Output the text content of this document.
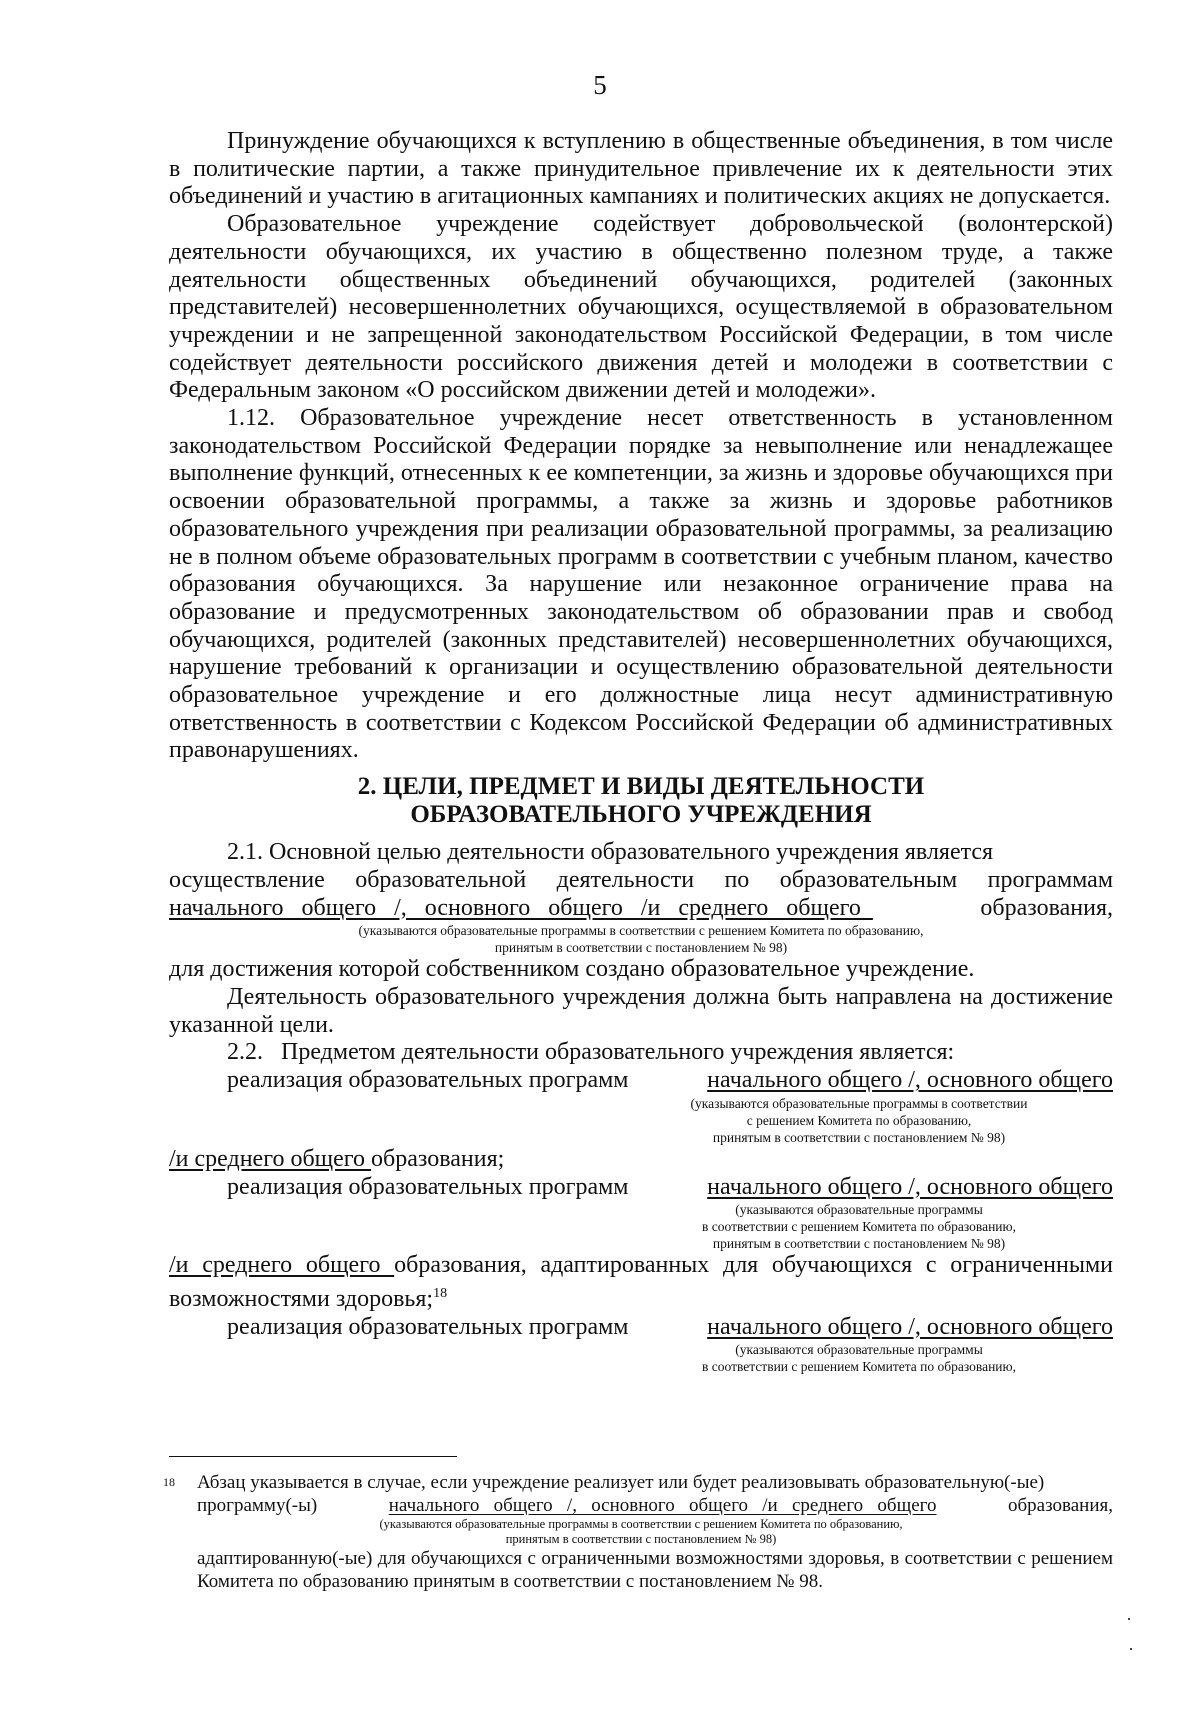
5

Принуждение обучающихся к вступлению в общественные объединения, в том числе в политические партии, а также принудительное привлечение их к деятельности этих объединений и участию в агитационных кампаниях и политических акциях не допускается.

Образовательное учреждение содействует добровольческой (волонтерской) деятельности обучающихся, их участию в общественно полезном труде, а также деятельности общественных объединений обучающихся, родителей (законных представителей) несовершеннолетних обучающихся, осуществляемой в образовательном учреждении и не запрещенной законодательством Российской Федерации, в том числе содействует деятельности российского движения детей и молодежи в соответствии с Федеральным законом «О российском движении детей и молодежи».

1.12. Образовательное учреждение несет ответственность в установленном законодательством Российской Федерации порядке за невыполнение или ненадлежащее выполнение функций, отнесенных к ее компетенции, за жизнь и здоровье обучающихся при освоении образовательной программы, а также за жизнь и здоровье работников образовательного учреждения при реализации образовательной программы, за реализацию не в полном объеме образовательных программ в соответствии с учебным планом, качество образования обучающихся. За нарушение или незаконное ограничение права на образование и предусмотренных законодательством об образовании прав и свобод обучающихся, родителей (законных представителей) несовершеннолетних обучающихся, нарушение требований к организации и осуществлению образовательной деятельности образовательное учреждение и его должностные лица несут административную ответственность в соответствии с Кодексом Российской Федерации об административных правонарушениях.

2. ЦЕЛИ, ПРЕДМЕТ И ВИДЫ ДЕЯТЕЛЬНОСТИ
ОБРАЗОВАТЕЛЬНОГО УЧРЕЖДЕНИЯ
2.1. Основной целью деятельности образовательного учреждения является
осуществление образовательной деятельности по образовательным программам
начального   общего   /,   основного   общего   /и   среднего   общего	образования,
(указываются образовательные программы в соответствии с решением Комитета по образованию,
принятым в соответствии с постановлением № 98)

для достижения которой собственником создано образовательное учреждение.

Деятельность образовательного учреждения должна быть направлена на достижение указанной цели.

2.2.   Предметом деятельности образовательного учреждения является:

реализация образовательных программ	начального общего /, основного общего
(указываются образовательные программы в соответствии
с решением Комитета по образованию,
принятым в соответствии с постановлением № 98)

/и среднего общего образования;

реализация образовательных программ	начального общего /, основного общего
(указываются образовательные программы
в соответствии с решением Комитета по образованию,
принятым в соответствии с постановлением № 98)

/и среднего общего образования, адаптированных для обучающихся с ограниченными возможностями здоровья;$^{18}$

реализация образовательных программ	начального общего /, основного общего
(указываются образовательные программы
в соответствии с решением Комитета по образованию,
18 Абзац указывается в случае, если учреждение реализует или будет реализовывать образовательную(-ые)
программу(-ы)	начального   общего   /,   основного   общего   /и   среднего   общего	образования,
(указываются образовательные программы в соответствии с решением Комитета по образованию,
принятым в соответствии с постановлением № 98)

адаптированную(-ые) для обучающихся с ограниченными возможностями здоровья, в соответствии с решением Комитета по образованию принятым в соответствии с постановлением № 98.
